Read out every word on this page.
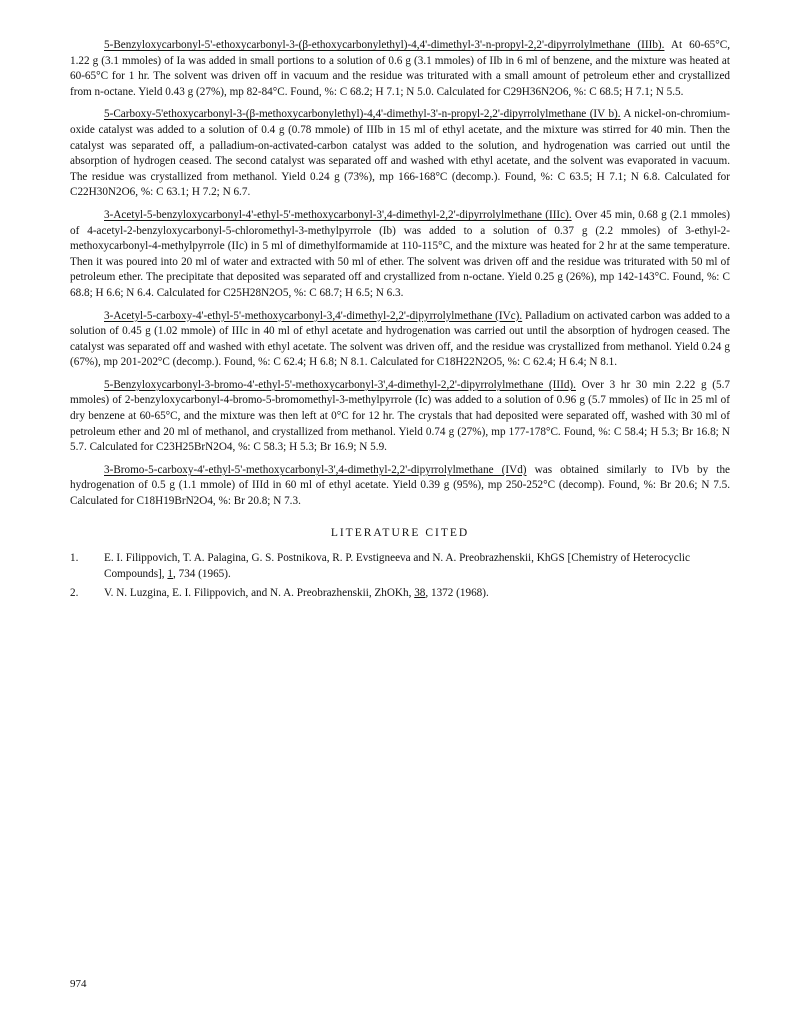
5-Benzyloxycarbonyl-5'-ethoxycarbonyl-3-(β-ethoxycarbonylethyl)-4,4'-dimethyl-3'-n-propyl-2,2'-dipyrrolylmethane (IIIb). At 60-65°C, 1.22 g (3.1 mmoles) of Ia was added in small portions to a solution of 0.6 g (3.1 mmoles) of IIb in 6 ml of benzene, and the mixture was heated at 60-65°C for 1 hr. The solvent was driven off in vacuum and the residue was triturated with a small amount of petroleum ether and crystallized from n-octane. Yield 0.43 g (27%), mp 82-84°C. Found, %: C 68.2; H 7.1; N 5.0. Calculated for C29H36N2O6, %: C 68.5; H 7.1; N 5.5.

5-Carboxy-5'ethoxycarbonyl-3-(β-methoxycarbonylethyl)-4,4'-dimethyl-3'-n-propyl-2,2'-dipyrrolylmethane (IV b). A nickel-on-chromium-oxide catalyst was added to a solution of 0.4 g (0.78 mmole) of IIIb in 15 ml of ethyl acetate, and the mixture was stirred for 40 min. Then the catalyst was separated off, a palladium-on-activated-carbon catalyst was added to the solution, and hydrogenation was carried out until the absorption of hydrogen ceased. The second catalyst was separated off and washed with ethyl acetate, and the solvent was evaporated in vacuum. The residue was crystallized from methanol. Yield 0.24 g (73%), mp 166-168°C (decomp.). Found, %: C 63.5; H 7.1; N 6.8. Calculated for C22H30N2O6, %: C 63.1; H 7.2; N 6.7.

3-Acetyl-5-benzyloxycarbonyl-4'-ethyl-5'-methoxycarbonyl-3',4-dimethyl-2,2'-dipyrrolylmethane (IIIc). Over 45 min, 0.68 g (2.1 mmoles) of 4-acetyl-2-benzyloxycarbonyl-5-chloromethyl-3-methylpyrrole (Ib) was added to a solution of 0.37 g (2.2 mmoles) of 3-ethyl-2-methoxycarbonyl-4-methylpyrrole (IIc) in 5 ml of dimethylformamide at 110-115°C, and the mixture was heated for 2 hr at the same temperature. Then it was poured into 20 ml of water and extracted with 50 ml of ether. The solvent was driven off and the residue was triturated with 50 ml of petroleum ether. The precipitate that deposited was separated off and crystallized from n-octane. Yield 0.25 g (26%), mp 142-143°C. Found, %: C 68.8; H 6.6; N 6.4. Calculated for C25H28N2O5, %: C 68.7; H 6.5; N 6.3.

3-Acetyl-5-carboxy-4'-ethyl-5'-methoxycarbonyl-3,4'-dimethyl-2,2'-dipyrrolylmethane (IVc). Palladium on activated carbon was added to a solution of 0.45 g (1.02 mmole) of IIIc in 40 ml of ethyl acetate and hydrogenation was carried out until the absorption of hydrogen ceased. The catalyst was separated off and washed with ethyl acetate. The solvent was driven off, and the residue was crystallized from methanol. Yield 0.24 g (67%), mp 201-202°C (decomp.). Found, %: C 62.4; H 6.8; N 8.1. Calculated for C18H22N2O5, %: C 62.4; H 6.4; N 8.1.

5-Benzyloxycarbonyl-3-bromo-4'-ethyl-5'-methoxycarbonyl-3',4-dimethyl-2,2'-dipyrrolylmethane (IIId). Over 3 hr 30 min 2.22 g (5.7 mmoles) of 2-benzyloxycarbonyl-4-bromo-5-bromomethyl-3-methylpyrrole (Ic) was added to a solution of 0.96 g (5.7 mmoles) of IIc in 25 ml of dry benzene at 60-65°C, and the mixture was then left at 0°C for 12 hr. The crystals that had deposited were separated off, washed with 30 ml of petroleum ether and 20 ml of methanol, and crystallized from methanol. Yield 0.74 g (27%), mp 177-178°C. Found, %: C 58.4; H 5.3; Br 16.8; N 5.7. Calculated for C23H25BrN2O4, %: C 58.3; H 5.3; Br 16.9; N 5.9.

3-Bromo-5-carboxy-4'-ethyl-5'-methoxycarbonyl-3',4-dimethyl-2,2'-dipyrrolylmethane (IVd) was obtained similarly to IVb by the hydrogenation of 0.5 g (1.1 mmole) of IIId in 60 ml of ethyl acetate. Yield 0.39 g (95%), mp 250-252°C (decomp). Found, %: Br 20.6; N 7.5. Calculated for C18H19BrN2O4, %: Br 20.8; N 7.3.

LITERATURE CITED
1.	E. I. Filippovich, T. A. Palagina, G. S. Postnikova, R. P. Evstigneeva and N. A. Preobrazhenskii, KhGS [Chemistry of Heterocyclic Compounds], 1, 734 (1965).
2.	V. N. Luzgina, E. I. Filippovich, and N. A. Preobrazhenskii, ZhOKh, 38, 1372 (1968).
974
